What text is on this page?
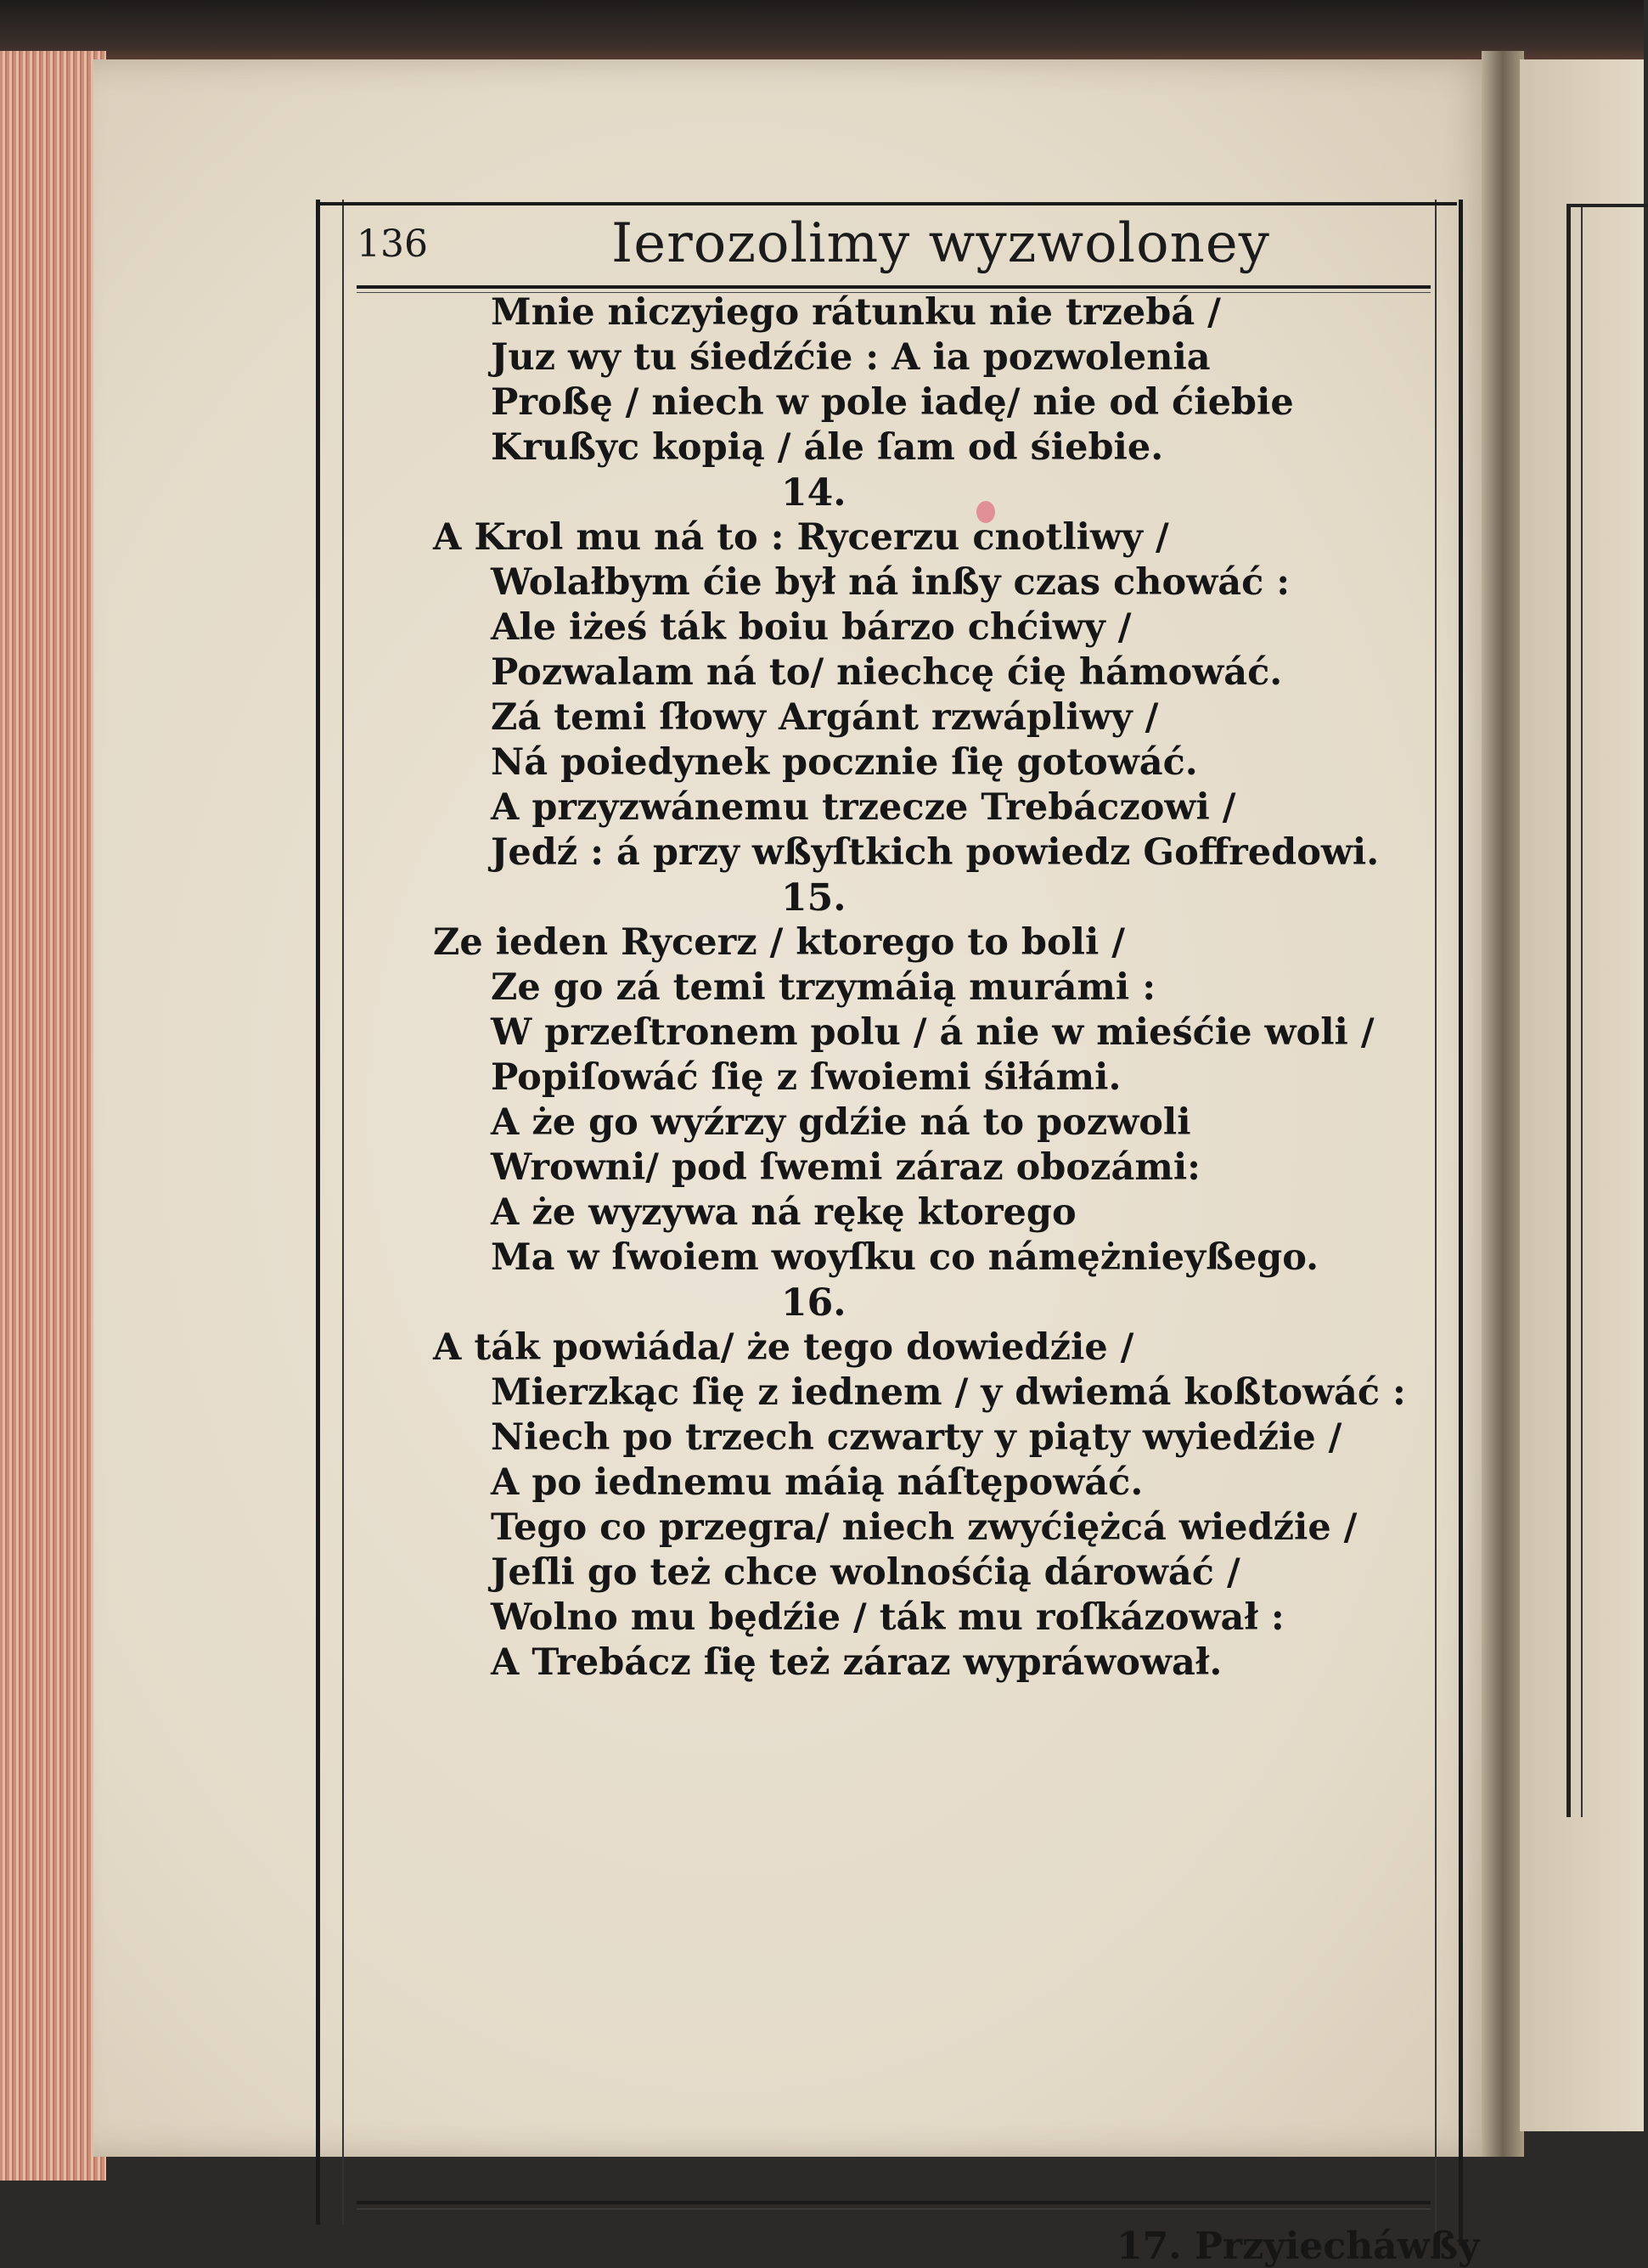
136	Ierozolimy wyzwoloney
Mnie niczyiego rátunku nie trzebá /
Juz wy tu śiedźćie : A ia pozwolenia
Proßę / niech w pole iadę/ nie od ćiebie
Krußyc kopią / ále ſam od śiebie.
14.
A Krol mu ná to : Rycerzu cnotliwy /
Wolałbym ćie był ná inßy czas chowáć :
Ale iżeś ták boiu bárzo chćiwy /
Pozwalam ná to/ niechcę ćię hámowáć.
Zá temi ſłowy Argánt rzwápliwy /
Ná poiedynek pocznie ſię gotowáć.
A przyzwánemu trzecze Trebáczowi /
Jedź : á przy wßyſtkich powiedz Goffredowi.
15.
Ze ieden Rycerz / ktorego to boli /
Ze go zá temi trzymáią murámi :
W przeſtronem polu / á nie w mieśćie woli /
Popiſowáć ſię z ſwoiemi śiłámi.
A że go wyźrzy gdźie ná to pozwoli
Wrowni/ pod ſwemi záraz obozámi:
A że wyzywa ná rękę ktorego
Ma w ſwoiem woyſku co námężnieyßego.
16.
A ták powiáda/ że tego dowiedźie /
Mierzkąc ſię z iednem / y dwiemá koßtowáć :
Niech po trzech czwarty y piąty wyiedźie /
A po iednemu máią náſtępowáć.
Tego co przegra/ niech zwyćiężcá wiedźie /
Jeſli go też chce wolnośćią dárowáć /
Wolno mu będźie / ták mu roſkázował :
A Trebácz ſię też záraz wypráwował.
17. Przyiecháwßy
